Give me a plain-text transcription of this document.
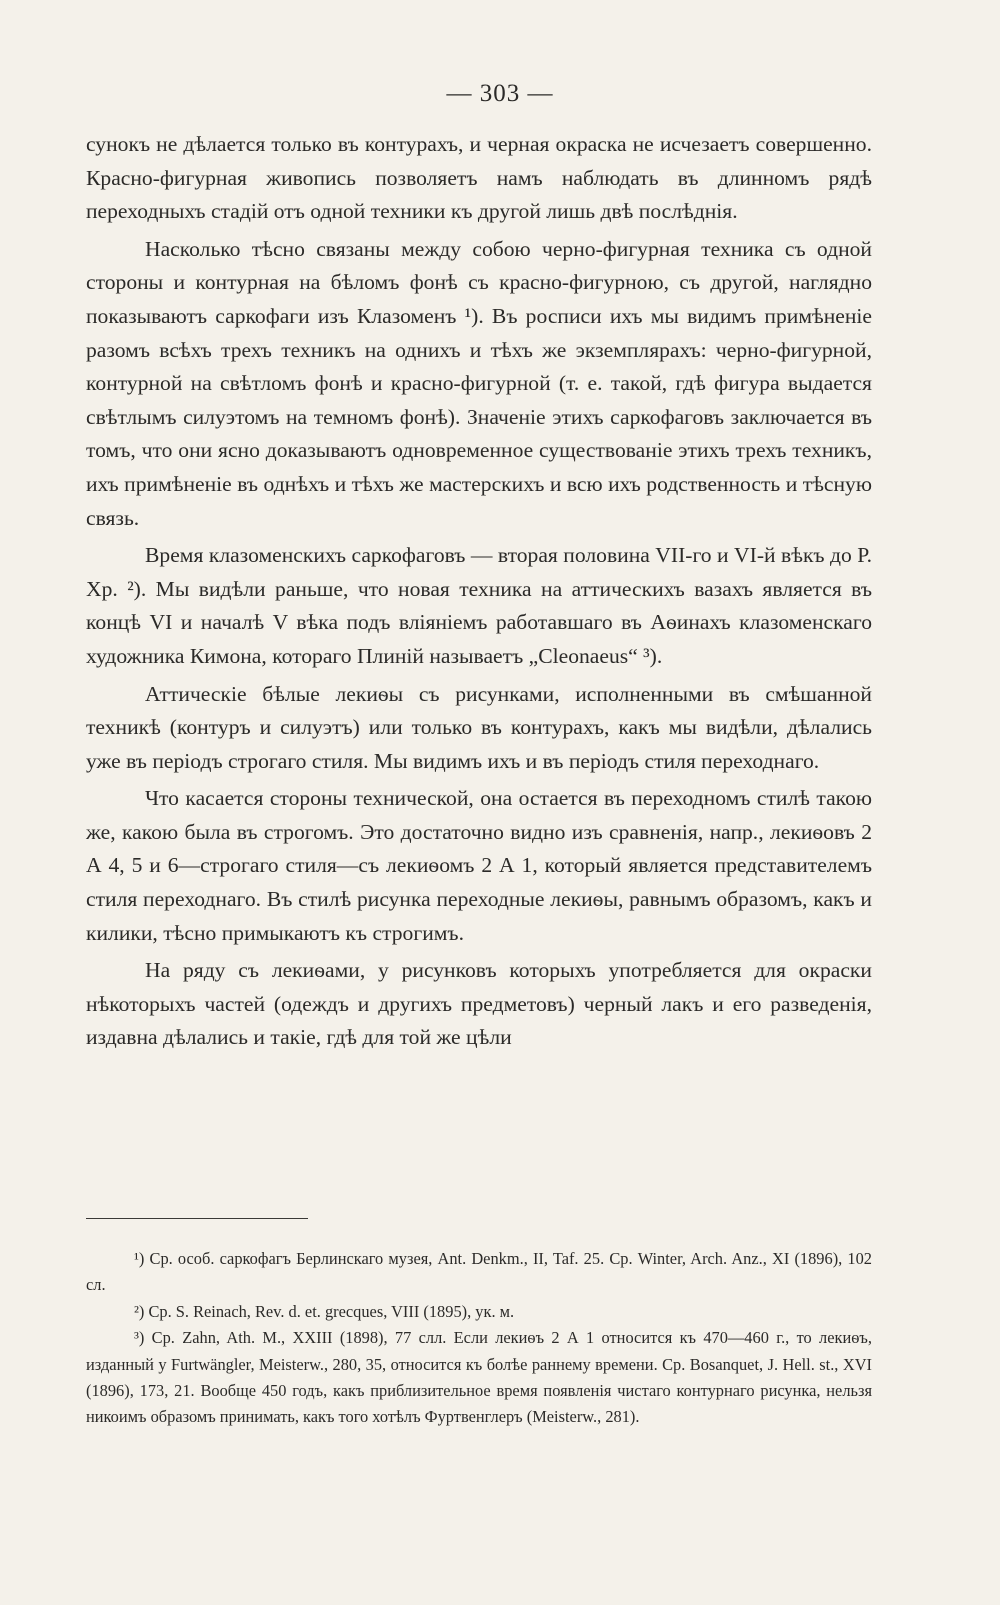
— 303 —

сунокъ не дѣлается только въ контурахъ, и черная окраска не исчезаетъ совершенно. Красно-фигурная живопись позволяетъ намъ наблюдать въ длинномъ рядѣ переходныхъ стадій отъ одной техники къ другой лишь двѣ послѣднія.

Насколько тѣсно связаны между собою черно-фигурная техника съ одной стороны и контурная на бѣломъ фонѣ съ красно-фигурною, съ другой, наглядно показываютъ саркофаги изъ Клазоменъ ¹). Въ росписи ихъ мы видимъ примѣненіе разомъ всѣхъ трехъ техникъ на однихъ и тѣхъ же экземплярахъ: черно-фигурной, контурной на свѣтломъ фонѣ и красно-фигурной (т. е. такой, гдѣ фигура выдается свѣтлымъ силуэтомъ на темномъ фонѣ). Значеніе этихъ саркофаговъ заключается въ томъ, что они ясно доказываютъ одновременное существованіе этихъ трехъ техникъ, ихъ примѣненіе въ однѣхъ и тѣхъ же мастерскихъ и всю ихъ родственность и тѣсную связь.

Время клазоменскихъ саркофаговъ — вторая половина VII-го и VI-й вѣкъ до Р. Хр. ²). Мы видѣли раньше, что новая техника на аттическихъ вазахъ является въ концѣ VI и началѣ V вѣка подъ вліяніемъ работавшаго въ Аѳинахъ клазоменскаго художника Кимона, котораго Плиній называетъ „Cleonaeus“ ³).

Аттическіе бѣлые лекиѳы съ рисунками, исполненными въ смѣшанной техникѣ (контуръ и силуэтъ) или только въ контурахъ, какъ мы видѣли, дѣлались уже въ періодъ строгаго стиля. Мы видимъ ихъ и въ періодъ стиля переходнаго.

Что касается стороны технической, она остается въ переходномъ стилѣ такою же, какою была въ строгомъ. Это достаточно видно изъ сравненія, напр., лекиѳовъ 2 А 4, 5 и 6—строгаго стиля—съ лекиѳомъ 2 А 1, который является представителемъ стиля переходнаго. Въ стилѣ рисунка переходные лекиѳы, равнымъ образомъ, какъ и килики, тѣсно примыкаютъ къ строгимъ.

На ряду съ лекиѳами, у рисунковъ которыхъ употребляется для окраски нѣкоторыхъ частей (одеждъ и другихъ предметовъ) черный лакъ и его разведенія, издавна дѣлались и такіе, гдѣ для той же цѣли

¹) Ср. особ. саркофагъ Берлинскаго музея, Ant. Denkm., II, Taf. 25. Ср. Winter, Arch. Anz., XI (1896), 102 сл.

²) Ср. S. Reinach, Rev. d. et. grecques, VIII (1895), ук. м.

³) Ср. Zahn, Ath. M., XXIII (1898), 77 слл. Если лекиѳъ 2 А 1 относится къ 470—460 г., то лекиѳъ, изданный у Furtwängler, Meisterw., 280, 35, относится къ болѣе раннему времени. Ср. Bosanquet, J. Hell. st., XVI (1896), 173, 21. Вообще 450 годъ, какъ приблизительное время появленія чистаго контурнаго рисунка, нельзя никоимъ образомъ принимать, какъ того хотѣлъ Фуртвенглеръ (Meisterw., 281).
